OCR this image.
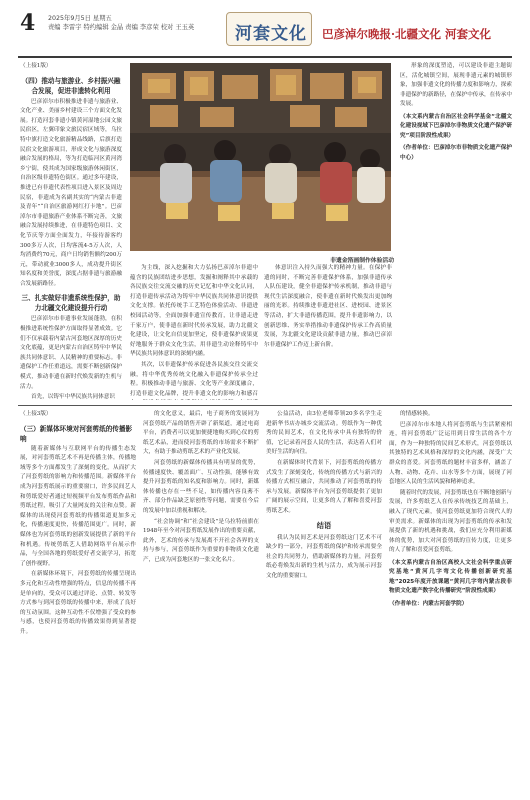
4 2025年9月5日 星期五
责编 李雷宇 特约编辑 金晶 责编 李彦荣 校对 王玉英 河套文化 巴彦淖尔晚报·北疆文化 河套文化
（上接1版）
（四）推动与旅游业、乡村振兴融合发展，促进非遗转化利用

巴彦淖尔市积极推进非遗与旅游业、文化产业、美丽乡村建设三个方面文化发展。打造河套非遗小镇黄河湿地公园文旅民宿区，左翼印象文旅民宿区域等，乌拉特中旗打造文化旅游精品线路，后旗打造民宿文化旅游项目，形成文化与旅游深度融合发展的格局，等为打造临河区黄河湾乡宁街，使其成为国家级旅游休闲街区，自治区级非遗特色街区。通过多年建设，推进已有非遗代表性项目进入景区及周边民宿，非遗成为名副其实的“内蒙古非遗及青年”“自治区旅游网红打卡地”。巴彦淖尔市非遗旅游产业体系不断完善，文旅融合发展持续推进，在非遗特色项目、文化节庆等方面全面发力，年接待游客约300多万人次，日均客流4-5万人次，人均消费约70元，商户日均销售额约200万元，带动就业3000多人，成功提升街区知名度和美誉度，深度占据非遗与旅游融合发展新路径。

三、扎实做好非遗系统性保护，助力北疆文化建设提升行动

巴彦淖尔市非遗事业发展蓬勃，在积极推进系统性保护方面取得显著成效。它们不仅承载着内蒙古河套地区深厚的历史文化底蕴，更是内蒙古自治区铸牢中华民族共同体意识、人民精神的重要标志。非遗保护工作任重道远，需要不断创新保护模式，推动非遗在新时代焕发新的生机与活力。

首先，以铸牢中华民族共同体意识

非遗金箔画制作体验活动

为主线，深入挖掘和大力弘扬巴彦淖尔非遗中蕴含的民族团结进步思想，发掘和阐释其中承载的各民族交往交流交融的历史记忆和中华文化认同，打造非遗传承活动为铸牢中华民族共同体意识提供文化支撑。依托传统手工艺特色体验活动、非遗进校园活动等，全面加强非遗宣传教育，让非遗走进千家万户，使非遗在新时代传承发展，助力北疆文化建设，让文化自信更加坚定，使非遗保护成果更好地服务于群众文化生活，用非遗生动诠释铸牢中华民族共同体意识的深刻内涵。

其次，以非遗保护传承促进各民族交往交流交融，将中华优秀传统文化融入非遗保护传承全过程。积极推动非遗与旅游、文化等产业深度融合，打造非遗文化品牌，提升非遗文化的影响力和感召

体意识注入持久而强大的精神力量。在保护非遗的同时，不断完善非遗保护体系，加强非遗传承人队伍建设，健全非遗保护传承机制，推动非遗与现代生活深度融合，使非遗在新时代焕发出更加绚丽的光彩。持续推进非遗进社区、进校园、进景区等活动，扩大非遗传播范围，提升非遗影响力，以创新思维、务实举措推动非遗保护传承工作高质量发展，为北疆文化建设贡献非遗力量，推动巴彦淖尔非遗保护工作迈上新台阶。

形象的深度塑造，可以建设非遗主题街区，活化城镇空间，展现非遗元素的城镇形象，加强非遗文化的传播力度和影响力，探索非遗保护的新路径，在保护中传承，在传承中发展。

（本文系内蒙古自治区社会科学基金“北疆文化建设视域下巴彦淖尔非物质文化遗产保护研究”项目阶段性成果）
（作者单位：巴彦淖尔市非物质文化遗产保护中心）
（上接3版）
（三）新媒体环境对河套剪纸的传播影响

随着新媒体与互联网平台的传播生态发展，对河套剪纸艺术不再是传播主体，传播地域等多个方面都发生了深刻的变化，从而扩大了河套剪纸的影响力和传播范围。新媒体平台成为河套剪纸展示的重要窗口，许多民间艺人和剪纸爱好者通过短视频平台发布剪纸作品和剪纸过程，吸引了大量网友的关注和点赞。新媒体的出现使河套剪纸的传播渠道更加多元化，传播速度更快，传播范围更广。同时，新媒体也为河套剪纸的创新发展提供了新的平台和机遇。传统剪纸艺人借助网络平台展示作品，与全国各地的剪纸爱好者交流学习，拓宽了创作视野。

在新媒体环境下，河套剪纸的传播呈现出多元化和互动性增强的特点，信息的传播不再是单向的，受众可以通过评论、点赞、转发等方式参与到河套剪纸的传播中来，形成了良好的互动氛围。这种互动性不仅增强了受众的参与感，也使河套剪纸的传播效果得到显著提升。

的文化意义，最后，电子商务的发展同为河套剪纸产品的销售开辟了新渠道，通过电商平台，消费者可以更加便捷地购买到心仪的剪纸艺术品，进而使河套剪纸的市场需求不断扩大，有助于推动剪纸艺术的产业化发展。

河套剪纸的新媒体传播具有明显的优势，传播速度快、覆盖面广、互动性强，能够有效提升河套剪纸的知名度和影响力。同时，新媒体传播也存在一些不足，如传播内容良莠不齐、部分作品缺乏原创性等问题，需要在今后的发展中加以重视和解决。

“社会协调”和“社会建设”是乌拉特前旗在1948年至今对河套剪纸发展作出的重要贡献，此外，艺术的传承与发展离不开社会各界的支持与参与，河套剪纸作为重要的非物质文化遗产，已成为河套地区的一张文化名片。

公益活动，由3位老师带领20多名学生走进新华书店办城乡交流活动。剪纸作为一种优秀的民间艺术，在文化传承中具有独特的价值，它记录着河套人民的生活，表达着人们对美好生活的向往。

在新媒体时代背景下，河套剪纸的传播方式发生了深刻变化，传统的传播方式与新兴的传播方式相互融合，共同推动了河套剪纸的传承与发展。新媒体平台为河套剪纸提供了更加广阔的展示空间，让更多的人了解和喜爱河套剪纸艺术。

结语

我认为民间艺术是河套剪纸这门艺术不可缺少的一部分，河套剪纸的保护和传承需要全社会的共同努力，借助新媒体的力量，河套剪纸必将焕发出新的生机与活力，成为展示河套文化的重要窗口。

的情感转换。

巴彦淖尔市本地人将河套剪纸与生活紧密相连，将河套剪纸广泛运用到日常生活的各个方面，作为一种独特的民间艺术形式，河套剪纸以其独特的艺术风格和深厚的文化内涵，深受广大群众的喜爱。河套剪纸的题材丰富多样，涵盖了人物、动物、花卉、山水等多个方面，展现了河套地区人民的生活风貌和精神追求。

随着时代的发展，河套剪纸也在不断地创新与发展，许多剪纸艺人在传承传统技艺的基础上，融入了现代元素，使河套剪纸更加符合现代人的审美需求。新媒体的出现为河套剪纸的传承和发展提供了新的机遇和挑战，我们应充分利用新媒体的优势，加大对河套剪纸的宣传力度，让更多的人了解和喜爱河套剪纸。

（本文系内蒙古自治区高校人文社会科学重点研究基地“黄河几字弯文化传播创新研究基地”2025年度开放课题“黄河几字弯内蒙古段非物质文化遗产数字化传播研究”阶段性成果）
（作者单位：内蒙古河套学院）
